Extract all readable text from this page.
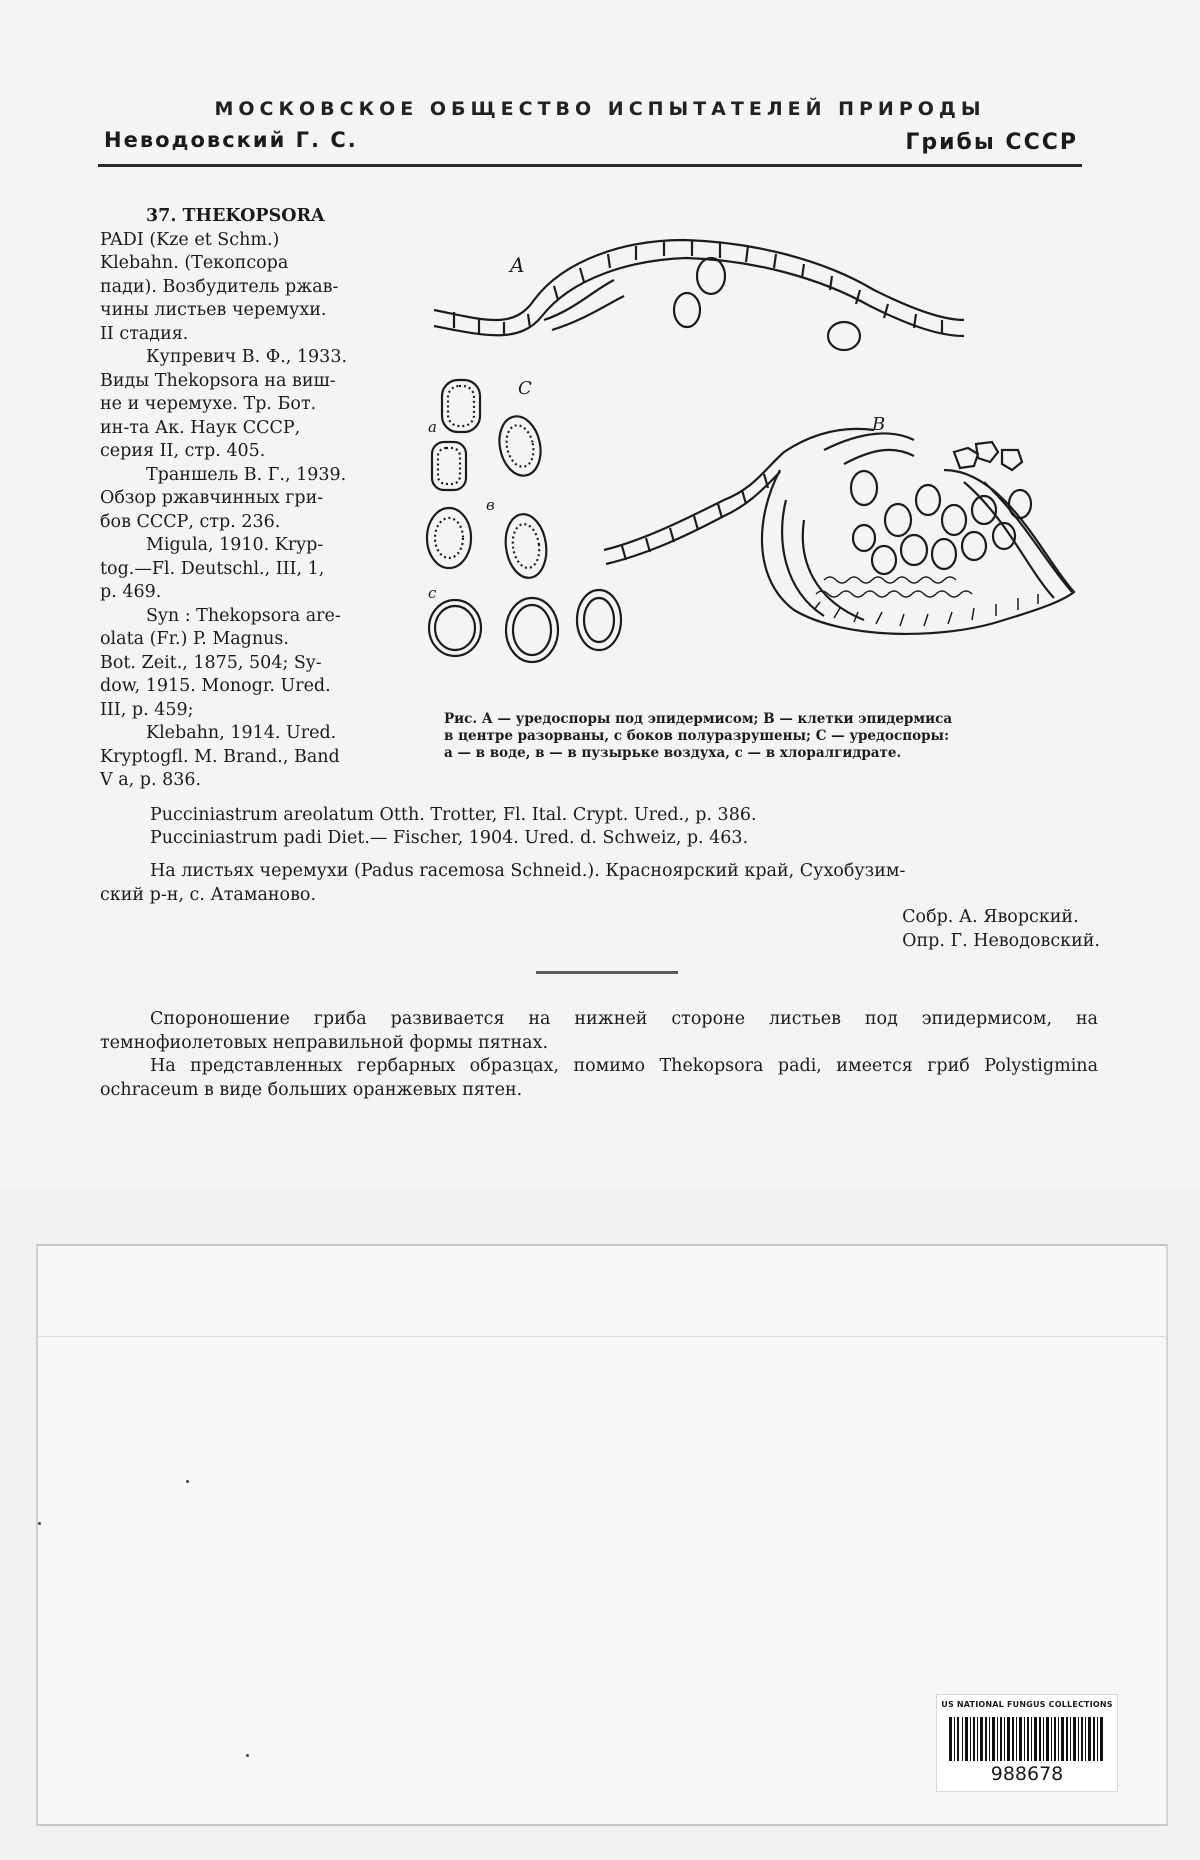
МОСКОВСКОЕ ОБЩЕСТВО ИСПЫТАТЕЛЕЙ ПРИРОДЫ
Неводовский Г. С.	Грибы СССР

37. THEKOPSORA

PADI (Kze et Schm.)

Klebahn. (Текопсора

пади). Возбудитель ржав-

чины листьев черемухи.

II стадия.

Купревич В. Ф., 1933.

Виды Thekopsora на виш-

не и черемухе. Тр. Бот.

ин-та Ак. Наук СССР,

серия II, стр. 405.

Траншель В. Г., 1939.

Обзор ржавчинных гри-

бов СССР, стр. 236.

Migula, 1910. Kryp-

tog.—Fl. Deutschl., III, 1,

p. 469.

Syn : Thekopsora are-

olata (Fr.) P. Magnus.

Bot. Zeit., 1875, 504; Sy-

dow, 1915. Monogr. Ured.

III, p. 459;

Klebahn, 1914. Ured.

Kryptogfl. M. Brand., Band

V a, p. 836.

A
C
a
в
c
B
Рис. А — уредоспоры под эпидермисом; В — клетки эпидермиса
в центре разорваны, с боков полуразрушены; С — уредоспоры:
а — в воде, в — в пузырьке воздуха, с — в хлоралгидрате.
Pucciniastrum areolatum Otth. Trotter, Fl. Ital. Crypt. Ured., p. 386.
Pucciniastrum padi Diet.— Fischer, 1904. Ured. d. Schweiz, p. 463.
На листьях черемухи (Padus racemosa Schneid.). Красноярский край, Сухобузим-
ский р-н, с. Атаманово.
Собр. А. Яворский.
Опр. Г. Неводовский.

Спороношение гриба развивается на нижней стороне листьев под эпидермисом, на темнофиолетовых неправильной формы пятнах.

На представленных гербарных образцах, помимо Thekopsora padi, имеется гриб Polystigmina ochraceum в виде больших оранжевых пятен.

US NATIONAL FUNGUS COLLECTIONS
988678
